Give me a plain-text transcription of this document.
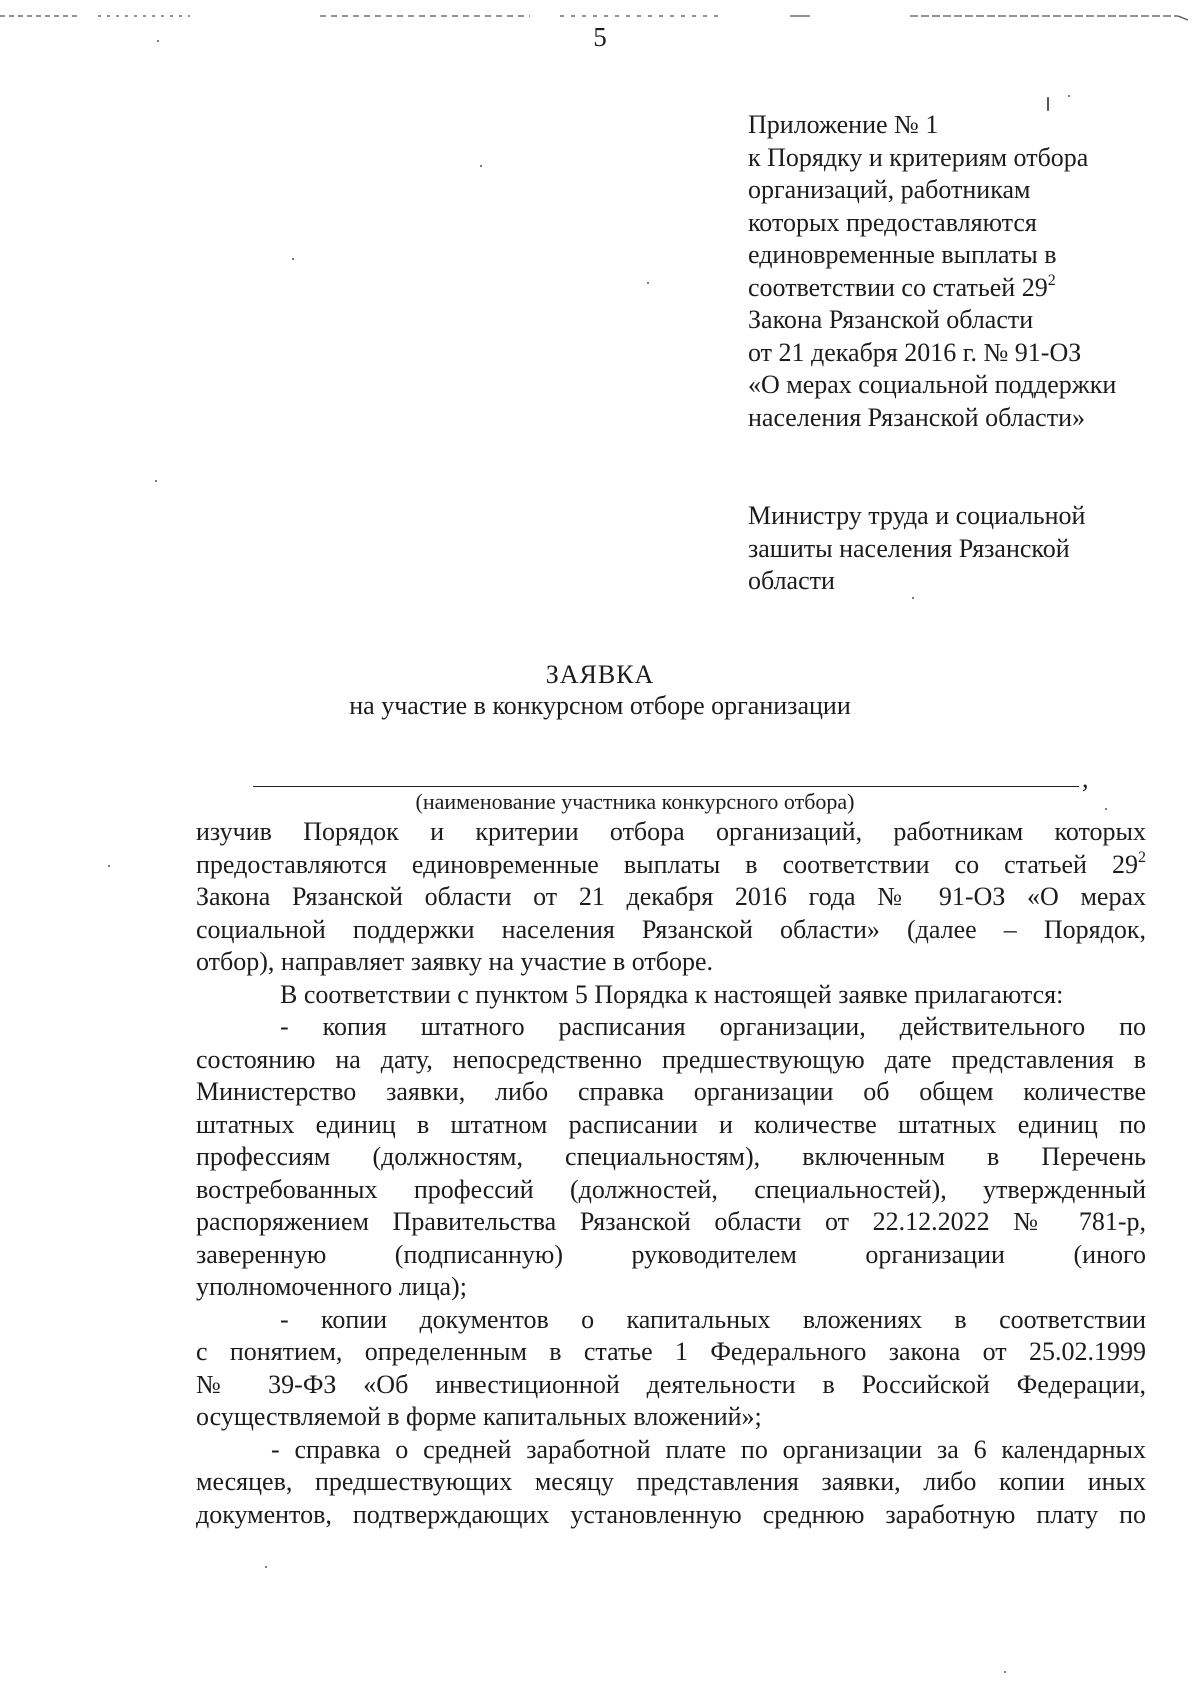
5
Приложение № 1
к Порядку и критериям отбора
организаций, работникам
которых предоставляются
единовременные выплаты в
соответствии со статьей $29^2$
Закона Рязанской области
от 21 декабря 2016 г. № 91-ОЗ
«О мерах социальной поддержки
населения Рязанской области»
Министру труда и социальной
зашиты населения Рязанской
области
ЗАЯВКА
на участие в конкурсном отборе организации
,
(наименование участника конкурсного отбора)
изучив Порядок и критерии отбора организаций, работникам которых
предоставляются единовременные выплаты в соответствии со статьей $29^2$
Закона Рязанской области от 21 декабря 2016 года № 91-ОЗ «О мерах
социальной поддержки населения Рязанской области» (далее – Порядок,
отбор), направляет заявку на участие в отборе.
В соответствии с пунктом 5 Порядка к настоящей заявке прилагаются:
- копия штатного расписания организации, действительного по
состоянию на дату, непосредственно предшествующую дате представления в
Министерство заявки, либо справка организации об общем количестве
штатных единиц в штатном расписании и количестве штатных единиц по
профессиям (должностям, специальностям), включенным в Перечень
востребованных профессий (должностей, специальностей), утвержденный
распоряжением Правительства Рязанской области от 22.12.2022 № 781-р,
заверенную (подписанную) руководителем организации (иного
уполномоченного лица);
- копии документов о капитальных вложениях в соответствии
с понятием, определенным в статье 1 Федерального закона от 25.02.1999
№ 39-ФЗ «Об инвестиционной деятельности в Российской Федерации,
осуществляемой в форме капитальных вложений»;
- справка о средней заработной плате по организации за 6 календарных
месяцев, предшествующих месяцу представления заявки, либо копии иных
документов, подтверждающих установленную среднюю заработную плату по
